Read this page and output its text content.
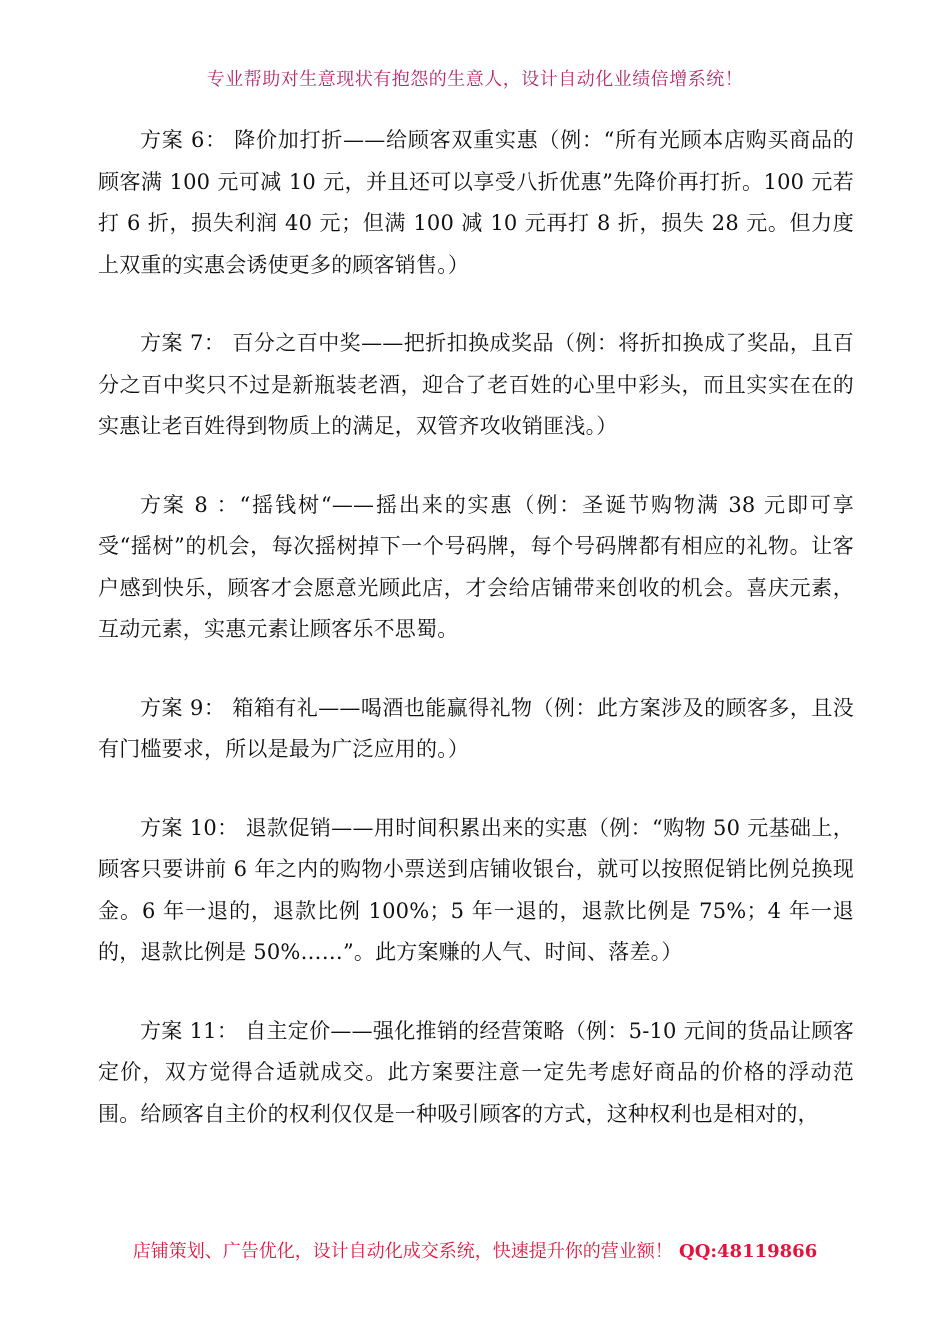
专业帮助对生意现状有抱怨的生意人，设计自动化业绩倍增系统！

方案 6： 降价加打折——给顾客双重实惠（例：“所有光顾本店购买商品的顾客满 100 元可减 10 元，并且还可以享受八折优惠”先降价再打折。100 元若打 6 折，损失利润 40 元；但满 100 减 10 元再打 8 折，损失 28 元。但力度上双重的实惠会诱使更多的顾客销售。）

方案 7： 百分之百中奖——把折扣换成奖品（例：将折扣换成了奖品，且百分之百中奖只不过是新瓶装老酒，迎合了老百姓的心里中彩头，而且实实在在的实惠让老百姓得到物质上的满足，双管齐攻收销匪浅。）

方案 8 ：“摇钱树“——摇出来的实惠（例：圣诞节购物满 38 元即可享受“摇树”的机会，每次摇树掉下一个号码牌，每个号码牌都有相应的礼物。让客户感到快乐，顾客才会愿意光顾此店，才会给店铺带来创收的机会。喜庆元素，互动元素，实惠元素让顾客乐不思蜀。

方案 9： 箱箱有礼——喝酒也能赢得礼物（例：此方案涉及的顾客多，且没有门槛要求，所以是最为广泛应用的。）

方案 10： 退款促销——用时间积累出来的实惠（例：“购物 50 元基础上，顾客只要讲前 6 年之内的购物小票送到店铺收银台，就可以按照促销比例兑换现金。6 年一退的，退款比例 100%；5 年一退的，退款比例是 75%；4 年一退的，退款比例是 50%……”。此方案赚的人气、时间、落差。）

方案 11： 自主定价——强化推销的经营策略（例：5-10 元间的货品让顾客定价，双方觉得合适就成交。此方案要注意一定先考虑好商品的价格的浮动范围。给顾客自主价的权利仅仅是一种吸引顾客的方式，这种权利也是相对的，

店铺策划、广告优化，设计自动化成交系统，快速提升你的营业额！ QQ:48119866
